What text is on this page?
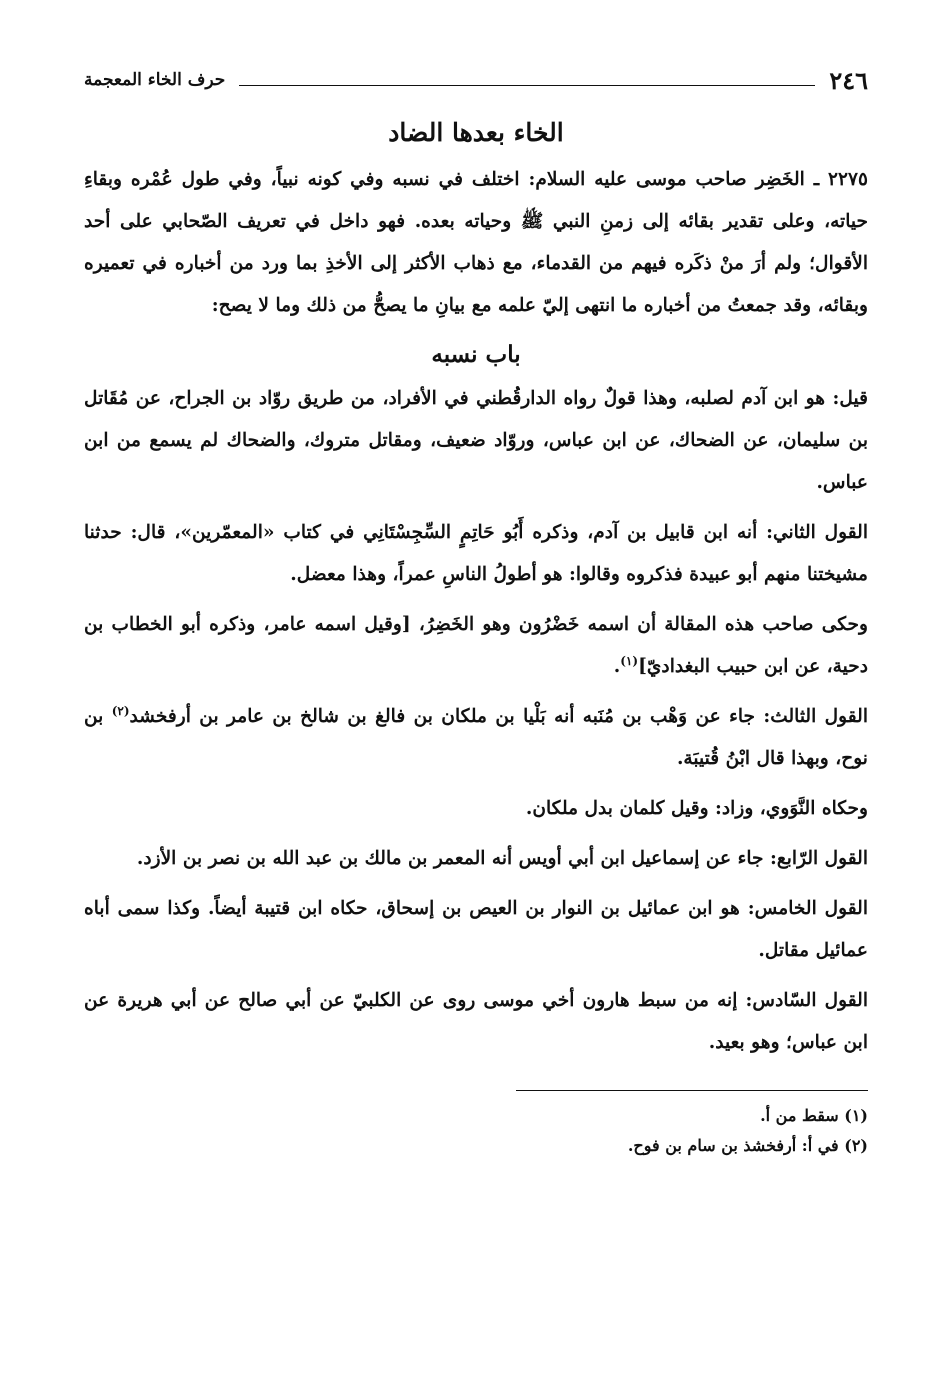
٢٤٦
حرف الخاء المعجمة
الخاء بعدها الضاد

٢٢٧٥ ـ الخَضِر صاحب موسى عليه السلام: اختلف في نسبه وفي كونه نبياً، وفي طول عُمْره وبقاءِ حياته، وعلى تقدير بقائه إلى زمنِ النبي ﷺ وحياته بعده. فهو داخل في تعريف الصّحابي على أحد الأقوال؛ ولم أرَ منْ ذكَره فيهم من القدماء، مع ذهاب الأكثر إلى الأخذِ بما ورد من أخباره في تعميره وبقائه، وقد جمعتُ من أخباره ما انتهى إليّ علمه مع بيانِ ما يصحُّ من ذلك وما لا يصح:

باب نسبه

قيل: هو ابن آدم لصلبه، وهذا قولٌ رواه الدارقُطني في الأفراد، من طريق روّاد بن الجراح، عن مُقَاتل بن سليمان، عن الضحاك، عن ابن عباس، وروّاد ضعيف، ومقاتل متروك، والضحاك لم يسمع من ابن عباس.

القول الثاني: أنه ابن قابيل بن آدم، وذكره أَبُو حَاتِمٍ السِّجِسْتَانِي في كتاب «المعمّرين»، قال: حدثنا مشيختنا منهم أبو عبيدة فذكروه وقالوا: هو أطولُ الناسِ عمراً، وهذا معضل.

وحكى صاحب هذه المقالة أن اسمه خَضْرُون وهو الخَضِرُ، [وقيل اسمه عامر، وذكره أبو الخطاب بن دحية، عن ابن حبيب البغداديّ]$^{(١)}$.

القول الثالث: جاء عن وَهْب بن مُنَبه أنه بَلْيا بن ملكان بن فالغ بن شالخ بن عامر بن أرفخشد$^{(٢)}$ بن نوح، وبهذا قال ابْنُ قُتيبَة.

وحكاه النَّوَوي، وزاد: وقيل كلمان بدل ملكان.

القول الرّابع: جاء عن إسماعيل ابن أبي أويس أنه المعمر بن مالك بن عبد الله بن نصر بن الأزد.

القول الخامس: هو ابن عمائيل بن النوار بن العيص بن إسحاق، حكاه ابن قتيبة أيضاً. وكذا سمى أباه عمائيل مقاتل.

القول السّادس: إنه من سبط هارون أخي موسى روى عن الكلبيّ عن أبي صالح عن أبي هريرة عن ابن عباس؛ وهو بعيد.

(١) سقط من أ.
(٢) في أ: أرفخشذ بن سام بن فوح.
